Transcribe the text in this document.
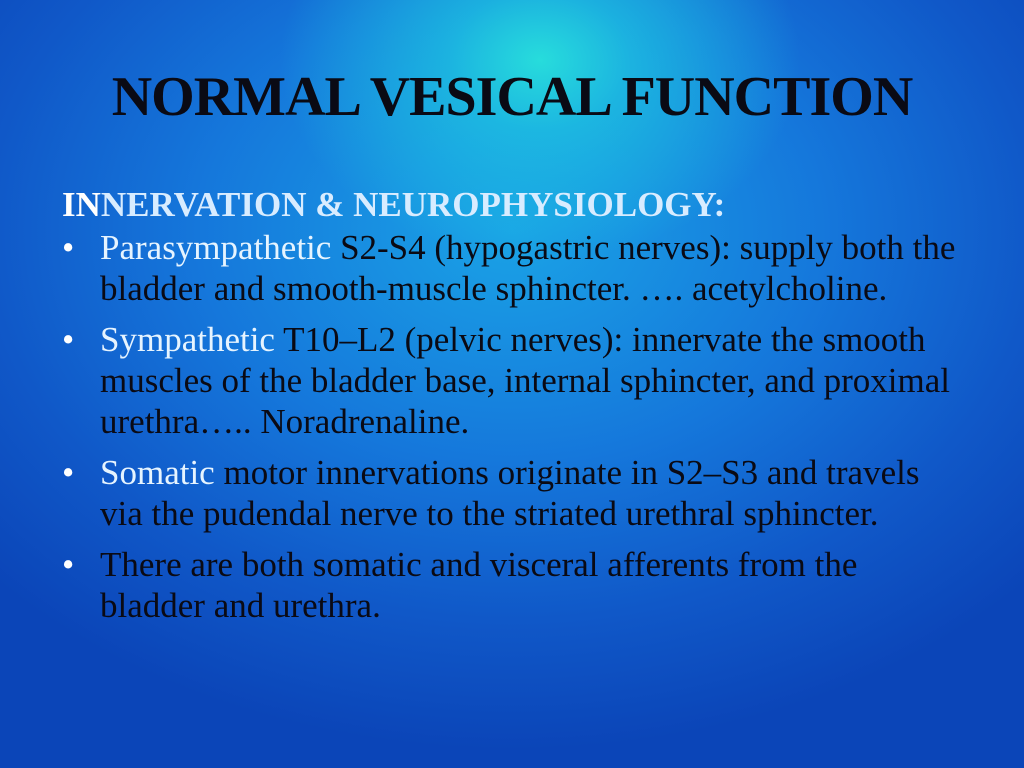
NORMAL VESICAL FUNCTION
INNERVATION & NEUROPHYSIOLOGY:
• Parasympathetic S2-S4 (hypogastric nerves): supply both the bladder and smooth-muscle sphincter. …. acetylcholine.
• Sympathetic T10–L2 (pelvic nerves): innervate the smooth muscles of the bladder base, internal sphincter, and proximal urethra….. Noradrenaline.
• Somatic motor innervations originate in S2–S3 and travels via the pudendal nerve to the striated urethral sphincter.
• There are both somatic and visceral afferents from the bladder and urethra.
